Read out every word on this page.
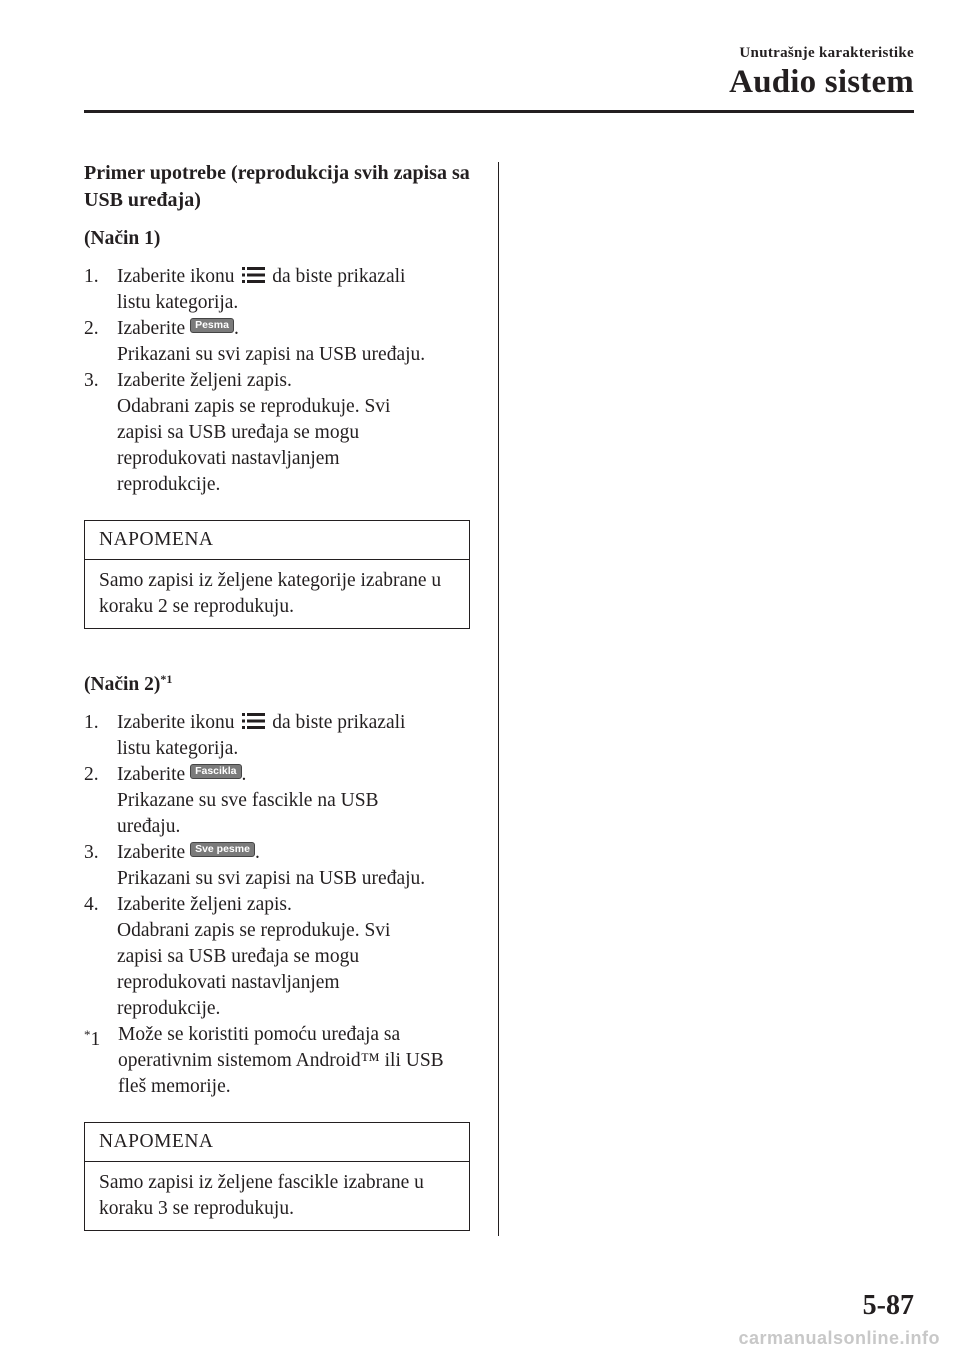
Unutrašnje karakteristike
Audio sistem
Primer upotrebe (reprodukcija svih zapisa sa USB uređaja)
(Način 1)
1. Izaberite ikonu da biste prikazali
listu kategorija.
2. Izaberite Pesma .
Prikazani su svi zapisi na USB uređaju.
3. Izaberite željeni zapis.
Odabrani zapis se reprodukuje. Svi zapisi sa USB uređaja se mogu reprodukovati nastavljanjem reprodukcije.
NAPOMENA
Samo zapisi iz željene kategorije izabrane u koraku 2 se reprodukuju.
(Način 2)$^{*1}$
1. Izaberite ikonu da biste prikazali
listu kategorija.
2. Izaberite Fascikla .
Prikazane su sve fascikle na USB uređaju.
3. Izaberite Sve pesme .
Prikazani su svi zapisi na USB uređaju.
4. Izaberite željeni zapis.
Odabrani zapis se reprodukuje. Svi zapisi sa USB uređaja se mogu reprodukovati nastavljanjem reprodukcije.
*1 Može se koristiti pomoću uređaja sa operativnim sistemom Android™ ili USB fleš memorije.
NAPOMENA
Samo zapisi iz željene fascikle izabrane u koraku 3 se reprodukuju.
5-87
carmanualsonline.info
